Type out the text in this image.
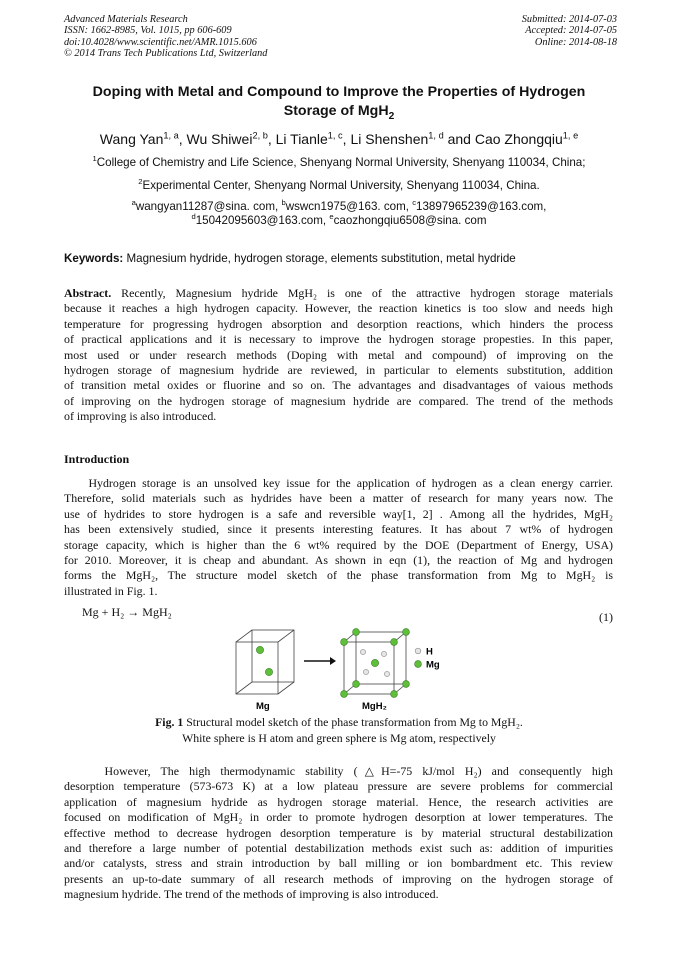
Advanced Materials Research
ISSN: 1662-8985, Vol. 1015, pp 606-609
doi:10.4028/www.scientific.net/AMR.1015.606
© 2014 Trans Tech Publications Ltd, Switzerland
Submitted: 2014-07-03
Accepted: 2014-07-05
Online: 2014-08-18
Doping with Metal and Compound to Improve the Properties of Hydrogen
Storage of MgH$_2$
Wang Yan$^{1, a}$, Wu Shiwei$^{2, b}$, Li Tianle$^{1, c}$, Li Shenshen$^{1, d}$ and Cao Zhongqiu$^{1, e}$
$^1$College of Chemistry and Life Science, Shenyang Normal University, Shenyang 110034, China;
$^2$Experimental Center, Shenyang Normal University, Shenyang 110034, China.
$^a$wangyan11287@sina. com, $^b$wswcn1975@163. com, $^c$13897965239@163.com,
$^d$15042095603@163.com, $^e$caozhongqiu6508@sina. com
Keywords: Magnesium hydride, hydrogen storage, elements substitution, metal hydride
Abstract. Recently, Magnesium hydride MgH₂ is one of the attractive hydrogen storage materials
because it reaches a high hydrogen capacity. However, the reaction kinetics is too slow and needs high
temperature for progressing hydrogen absorption and desorption reactions, which hinders the process
of practical applications and it is necessary to improve the hydrogen storage propesties. In this paper,
most used or under research methods (Doping with metal and compound) of improving on the
hydrogen storage of magnesium hydride are reviewed, in particular to elements substitution, addition
of transition metal oxides or fluorine and so on. The advantages and disadvantages of vaious methods
of improving on the hydrogen storage of magnesium hydride are compared. The trend of the methods
of improving is also introduced.
Introduction
Hydrogen storage is an unsolved key issue for the application of hydrogen as a clean energy carrier.
Therefore, solid materials such as hydrides have been a matter of research for many years now. The
use of hydrides to store hydrogen is a safe and reversible way[1, 2] . Among all the hydrides, MgH₂
has been extensively studied, since it presents interesting features. It has about 7 wt% of hydrogen
storage capacity, which is higher than the 6 wt% required by the DOE (Department of Energy, USA)
for 2010. Moreover, it is cheap and abundant. As shown in eqn (1), the reaction of Mg and hydrogen
forms the MgH₂, The structure model sketch of the phase transformation from Mg to MgH₂ is
illustrated in Fig. 1.
Mg + H₂ → MgH₂	(1)
H
Mg
Mg	MgH₂
Fig. 1 Structural model sketch of the phase transformation from Mg to MgH₂.
White sphere is H atom and green sphere is Mg atom, respectively
However, The high thermodynamic stability (△H=-75 kJ/mol H₂) and consequently high
desorption temperature (573-673 K) at a low plateau pressure are severe problems for commercial
application of magnesium hydride as hydrogen storage material. Hence, the research activities are
focused on modification of MgH₂ in order to promote hydrogen desorption at lower temperatures. The
effective method to decrease hydrogen desorption temperature is by material structural destabilization
and therefore a large number of potential destabilization methods exist such as: addition of impurities
and/or catalysts, stress and strain introduction by ball milling or ion bombardment etc. This review
presents an up-to-date summary of all research methods of improving on the hydrogen storage of
magnesium hydride. The trend of the methods of improving is also introduced.
